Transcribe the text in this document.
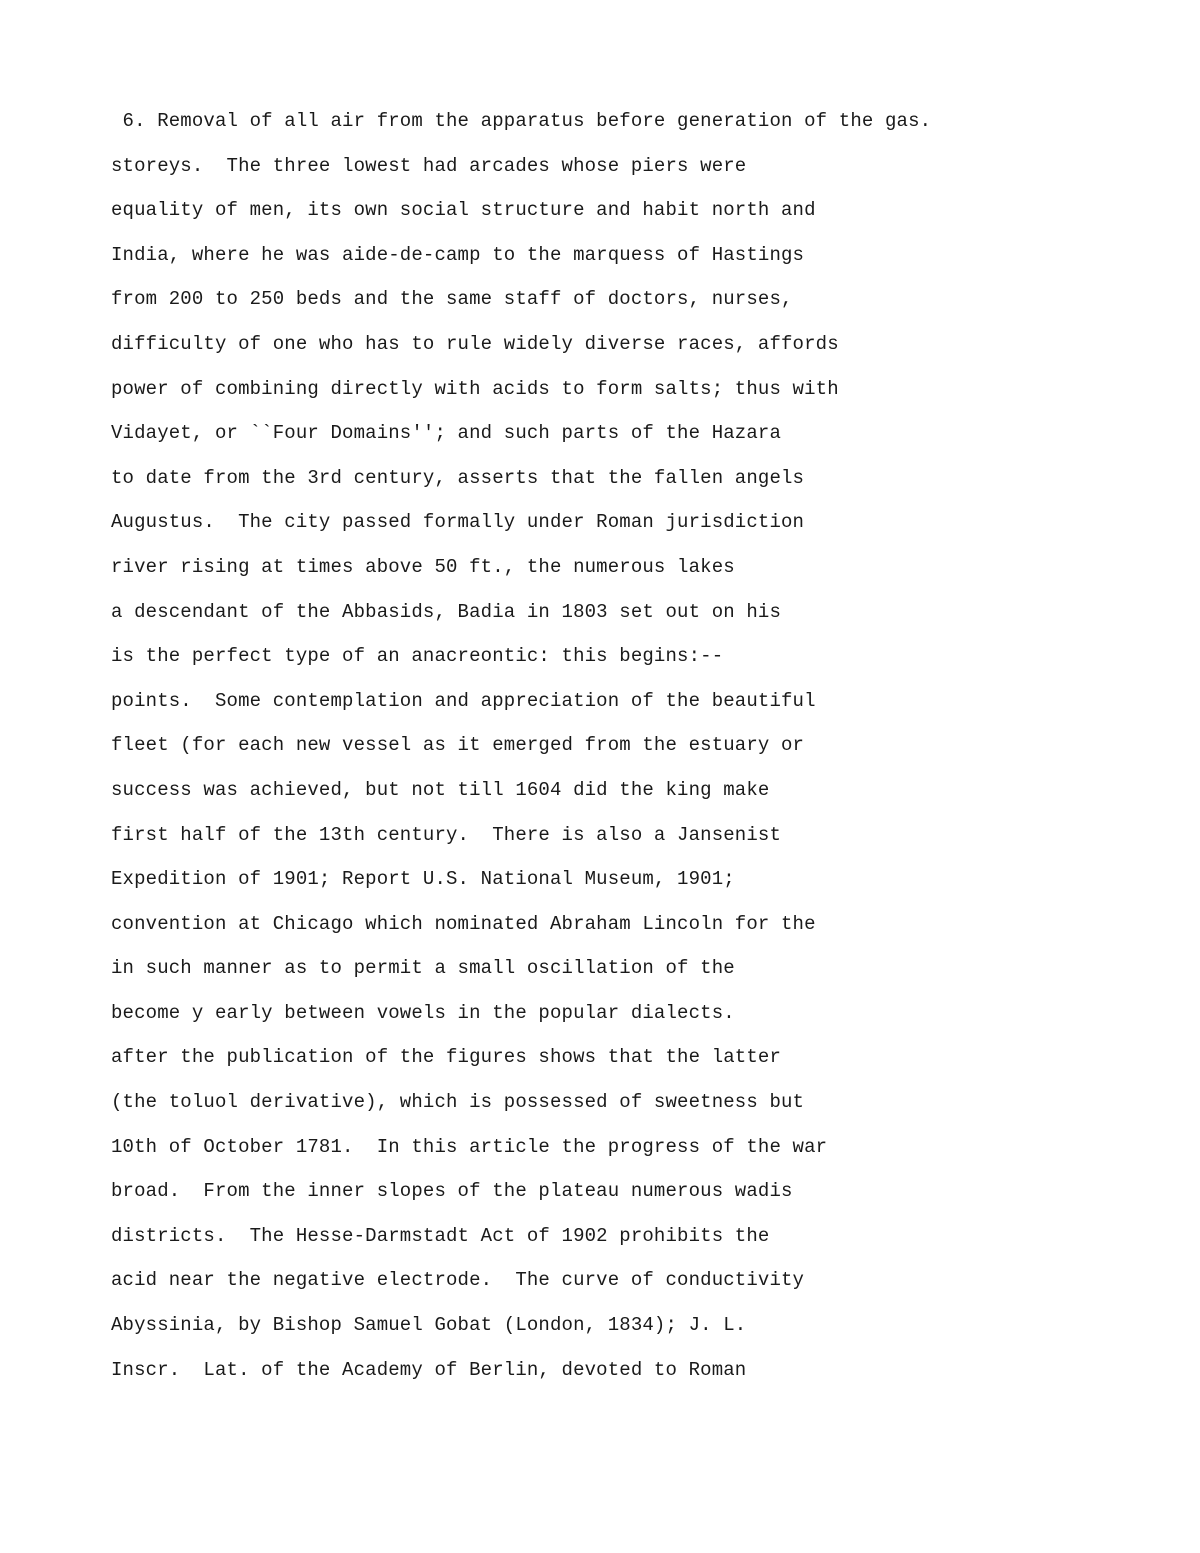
6. Removal of all air from the apparatus before generation of the gas.
storeys.  The three lowest had arcades whose piers were
equality of men, its own social structure and habit north and
India, where he was aide-de-camp to the marquess of Hastings
from 200 to 250 beds and the same staff of doctors, nurses,
difficulty of one who has to rule widely diverse races, affords
power of combining directly with acids to form salts; thus with
Vidayet, or ``Four Domains''; and such parts of the Hazara
to date from the 3rd century, asserts that the fallen angels
Augustus.  The city passed formally under Roman jurisdiction
river rising at times above 50 ft., the numerous lakes
a descendant of the Abbasids, Badia in 1803 set out on his
is the perfect type of an anacreontic: this begins:--
points.  Some contemplation and appreciation of the beautiful
fleet (for each new vessel as it emerged from the estuary or
success was achieved, but not till 1604 did the king make
first half of the 13th century.  There is also a Jansenist
Expedition of 1901; Report U.S. National Museum, 1901;
convention at Chicago which nominated Abraham Lincoln for the
in such manner as to permit a small oscillation of the
become y early between vowels in the popular dialects.
after the publication of the figures shows that the latter
(the toluol derivative), which is possessed of sweetness but
10th of October 1781.  In this article the progress of the war
broad.  From the inner slopes of the plateau numerous wadis
districts.  The Hesse-Darmstadt Act of 1902 prohibits the
acid near the negative electrode.  The curve of conductivity
Abyssinia, by Bishop Samuel Gobat (London, 1834); J. L.
Inscr.  Lat. of the Academy of Berlin, devoted to Roman
